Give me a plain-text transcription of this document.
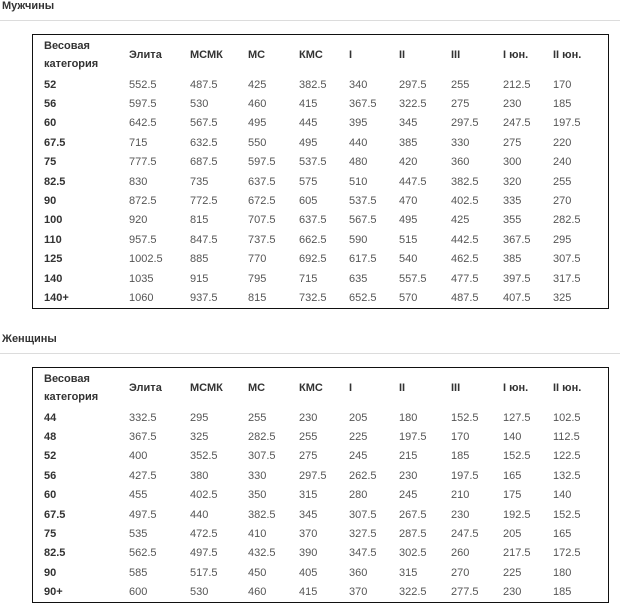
Мужчины
Весовая категория	Элита	МСМК	МС	КМС	I	II	III	I юн.	II юн.
52	552.5	487.5	425	382.5	340	297.5	255	212.5	170
56	597.5	530	460	415	367.5	322.5	275	230	185
60	642.5	567.5	495	445	395	345	297.5	247.5	197.5
67.5	715	632.5	550	495	440	385	330	275	220
75	777.5	687.5	597.5	537.5	480	420	360	300	240
82.5	830	735	637.5	575	510	447.5	382.5	320	255
90	872.5	772.5	672.5	605	537.5	470	402.5	335	270
100	920	815	707.5	637.5	567.5	495	425	355	282.5
110	957.5	847.5	737.5	662.5	590	515	442.5	367.5	295
125	1002.5	885	770	692.5	617.5	540	462.5	385	307.5
140	1035	915	795	715	635	557.5	477.5	397.5	317.5
140+	1060	937.5	815	732.5	652.5	570	487.5	407.5	325
Женщины
Весовая категория	Элита	МСМК	МС	КМС	I	II	III	I юн.	II юн.
44	332.5	295	255	230	205	180	152.5	127.5	102.5
48	367.5	325	282.5	255	225	197.5	170	140	112.5
52	400	352.5	307.5	275	245	215	185	152.5	122.5
56	427.5	380	330	297.5	262.5	230	197.5	165	132.5
60	455	402.5	350	315	280	245	210	175	140
67.5	497.5	440	382.5	345	307.5	267.5	230	192.5	152.5
75	535	472.5	410	370	327.5	287.5	247.5	205	165
82.5	562.5	497.5	432.5	390	347.5	302.5	260	217.5	172.5
90	585	517.5	450	405	360	315	270	225	180
90+	600	530	460	415	370	322.5	277.5	230	185
